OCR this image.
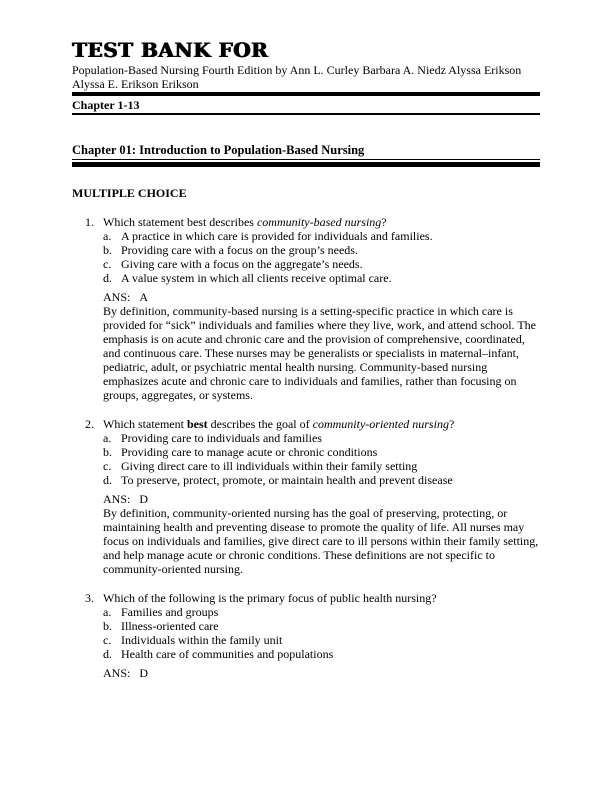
TEST BANK FOR
Population-Based Nursing Fourth Edition by Ann L. Curley Barbara A. Niedz Alyssa Erikson
Alyssa E. Erikson Erikson
Chapter 1-13
Chapter 01: Introduction to Population-Based Nursing
MULTIPLE CHOICE
1. Which statement best describes community-based nursing?
a. A practice in which care is provided for individuals and families.
b. Providing care with a focus on the group’s needs.
c. Giving care with a focus on the aggregate’s needs.
d. A value system in which all clients receive optimal care.
ANS: A
By definition, community-based nursing is a setting-specific practice in which care is provided for “sick” individuals and families where they live, work, and attend school. The emphasis is on acute and chronic care and the provision of comprehensive, coordinated, and continuous care. These nurses may be generalists or specialists in maternal–infant, pediatric, adult, or psychiatric mental health nursing. Community-based nursing emphasizes acute and chronic care to individuals and families, rather than focusing on groups, aggregates, or systems.
2. Which statement best describes the goal of community-oriented nursing?
a. Providing care to individuals and families
b. Providing care to manage acute or chronic conditions
c. Giving direct care to ill individuals within their family setting
d. To preserve, protect, promote, or maintain health and prevent disease
ANS: D
By definition, community-oriented nursing has the goal of preserving, protecting, or maintaining health and preventing disease to promote the quality of life. All nurses may focus on individuals and families, give direct care to ill persons within their family setting, and help manage acute or chronic conditions. These definitions are not specific to community-oriented nursing.
3. Which of the following is the primary focus of public health nursing?
a. Families and groups
b. Illness-oriented care
c. Individuals within the family unit
d. Health care of communities and populations
ANS: D
